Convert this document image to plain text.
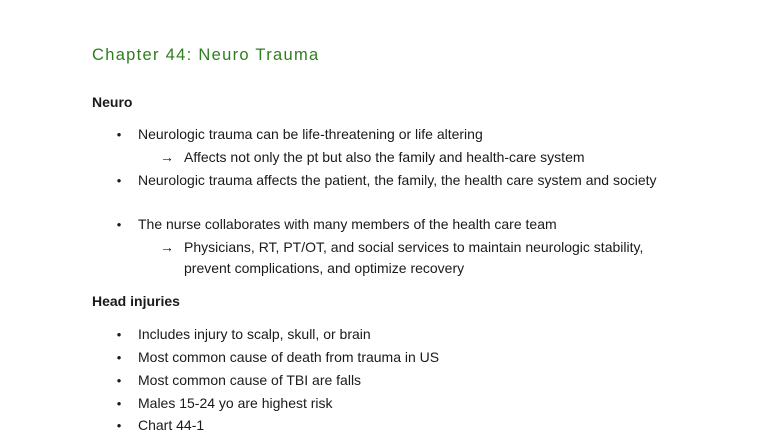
Chapter 44: Neuro Trauma
Neuro
• Neurologic trauma can be life-threatening or life altering
→ Affects not only the pt but also the family and health-care system
• Neurologic trauma affects the patient, the family, the health care system and society
• The nurse collaborates with many members of the health care team
→ Physicians, RT, PT/OT, and social services to maintain neurologic stability, prevent complications, and optimize recovery
Head injuries
• Includes injury to scalp, skull, or brain
• Most common cause of death from trauma in US
• Most common cause of TBI are falls
• Males 15-24 yo are highest risk
• Chart 44-1
